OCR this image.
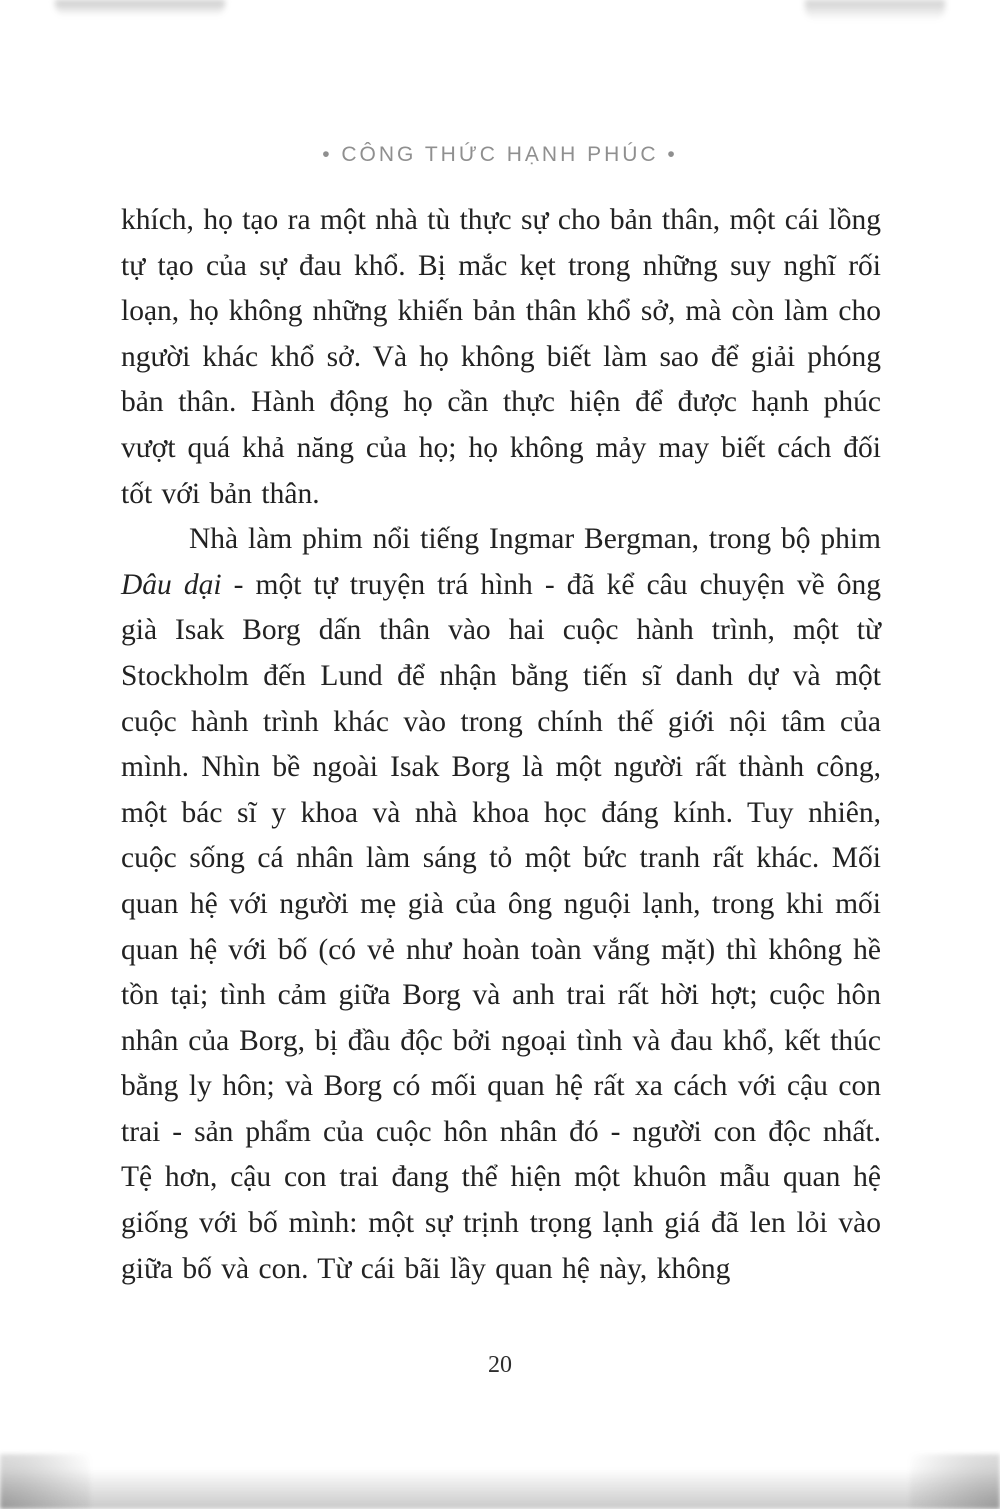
• CÔNG THỨC HẠNH PHÚC •

khích, họ tạo ra một nhà tù thực sự cho bản thân, một cái lồng tự tạo của sự đau khổ. Bị mắc kẹt trong những suy nghĩ rối loạn, họ không những khiến bản thân khổ sở, mà còn làm cho người khác khổ sở. Và họ không biết làm sao để giải phóng bản thân. Hành động họ cần thực hiện để được hạnh phúc vượt quá khả năng của họ; họ không mảy may biết cách đối tốt với bản thân.

Nhà làm phim nổi tiếng Ingmar Bergman, trong bộ phim Dâu dại - một tự truyện trá hình - đã kể câu chuyện về ông già Isak Borg dấn thân vào hai cuộc hành trình, một từ Stockholm đến Lund để nhận bằng tiến sĩ danh dự và một cuộc hành trình khác vào trong chính thế giới nội tâm của mình. Nhìn bề ngoài Isak Borg là một người rất thành công, một bác sĩ y khoa và nhà khoa học đáng kính. Tuy nhiên, cuộc sống cá nhân làm sáng tỏ một bức tranh rất khác. Mối quan hệ với người mẹ già của ông nguội lạnh, trong khi mối quan hệ với bố (có vẻ như hoàn toàn vắng mặt) thì không hề tồn tại; tình cảm giữa Borg và anh trai rất hời hợt; cuộc hôn nhân của Borg, bị đầu độc bởi ngoại tình và đau khổ, kết thúc bằng ly hôn; và Borg có mối quan hệ rất xa cách với cậu con trai - sản phẩm của cuộc hôn nhân đó - người con độc nhất. Tệ hơn, cậu con trai đang thể hiện một khuôn mẫu quan hệ giống với bố mình: một sự trịnh trọng lạnh giá đã len lỏi vào giữa bố và con. Từ cái bãi lầy quan hệ này, không

20
